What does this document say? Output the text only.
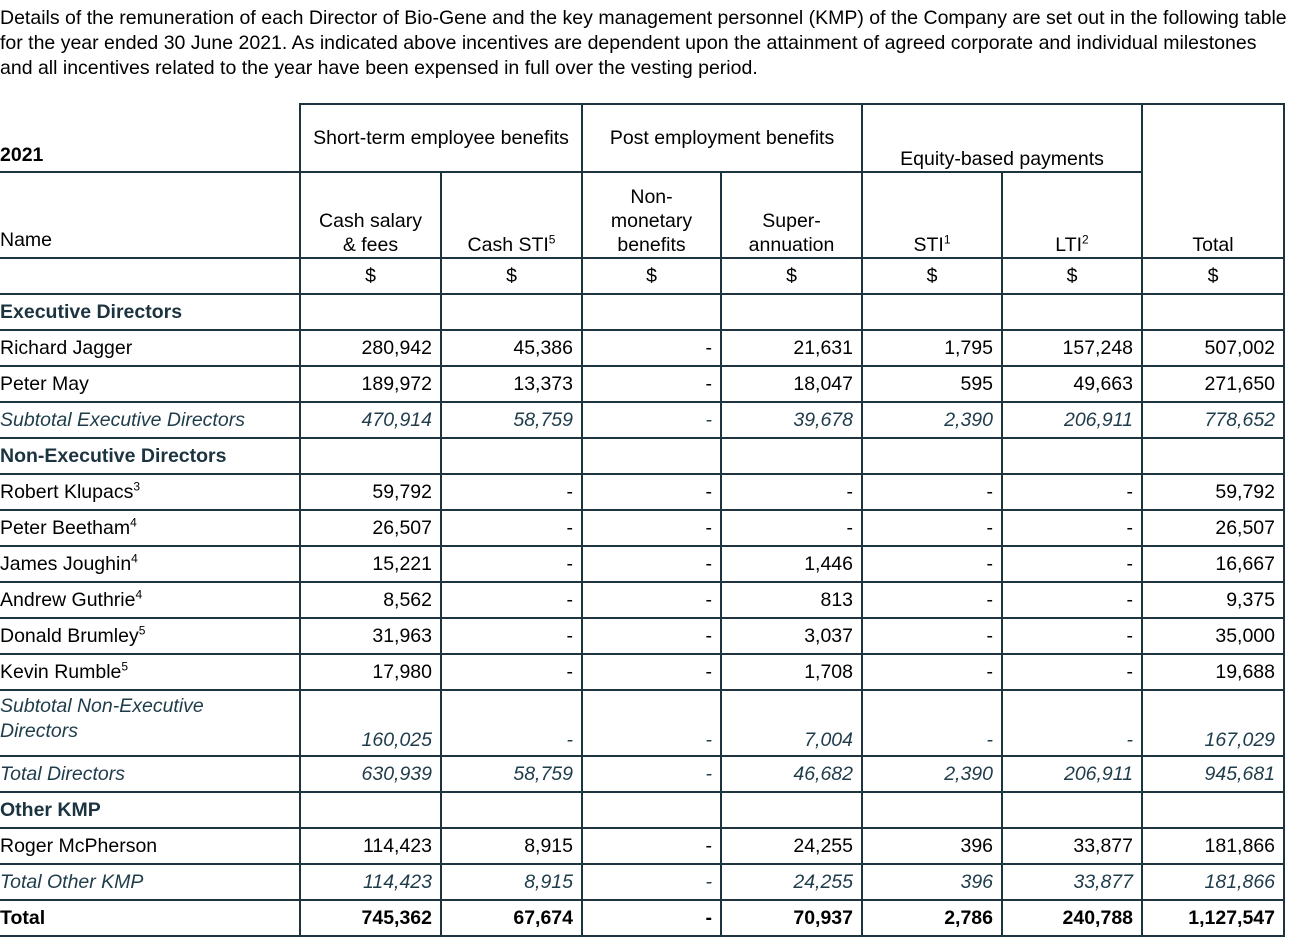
Details of the remuneration of each Director of Bio-Gene and the key management personnel (KMP) of the Company are set out in the following table for the year ended 30 June 2021. As indicated above incentives are dependent upon the attainment of agreed corporate and individual milestones and all incentives related to the year have been expensed in full over the vesting period.

2021	Short-term employee benefits		Post employment benefits		Equity-based payments		
Name	Cash salary & fees	Cash STI$^5$	Non-monetary benefits	Super-annuation	STI$^1$	LTI$^2$	Total
	$	$	$	$	$	$	$
Executive Directors							
Richard Jagger	280,942	45,386	-	21,631	1,795	157,248	507,002
Peter May	189,972	13,373	-	18,047	595	49,663	271,650
Subtotal Executive Directors	470,914	58,759	-	39,678	2,390	206,911	778,652
Non-Executive Directors							
Robert Klupacs$^3$	59,792	-	-	-	-	-	59,792
Peter Beetham$^4$	26,507	-	-	-	-	-	26,507
James Joughin$^4$	15,221	-	-	1,446	-	-	16,667
Andrew Guthrie$^4$	8,562	-	-	813	-	-	9,375
Donald Brumley$^5$	31,963	-	-	3,037	-	-	35,000
Kevin Rumble$^5$	17,980	-	-	1,708	-	-	19,688
Subtotal Non-Executive
Directors	160,025	-	-	7,004	-	-	167,029
Total Directors	630,939	58,759	-	46,682	2,390	206,911	945,681
Other KMP							
Roger McPherson	114,423	8,915	-	24,255	396	33,877	181,866
Total Other KMP	114,423	8,915	-	24,255	396	33,877	181,866
Total	745,362	67,674	-	70,937	2,786	240,788	1,127,547
